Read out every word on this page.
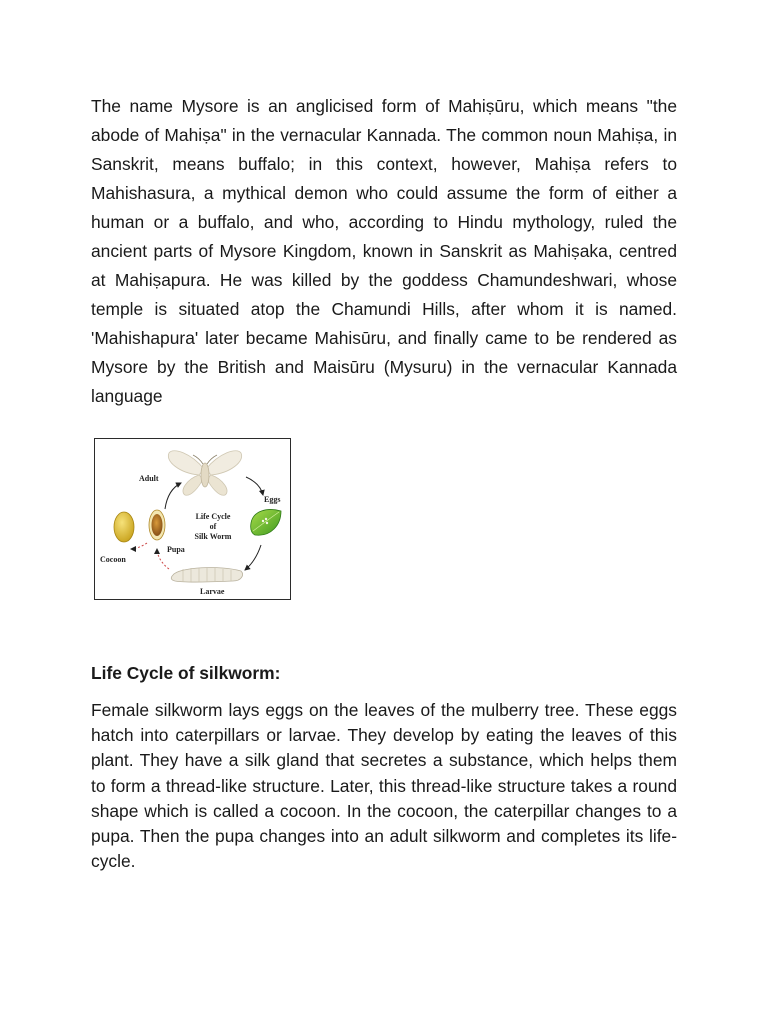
The name Mysore is an anglicised form of Mahiṣūru, which means "the abode of Mahiṣa" in the vernacular Kannada. The common noun Mahiṣa, in Sanskrit, means buffalo; in this context, however, Mahiṣa refers to Mahishasura, a mythical demon who could assume the form of either a human or a buffalo, and who, according to Hindu mythology, ruled the ancient parts of Mysore Kingdom, known in Sanskrit as Mahiṣaka, centred at Mahiṣapura. He was killed by the goddess Chamundeshwari, whose temple is situated atop the Chamundi Hills, after whom it is named. 'Mahishapura' later became Mahisūru, and finally came to be rendered as Mysore by the British and Maisūru (Mysuru) in the vernacular Kannada language

Adult
Eggs
Larvae
Pupa
Cocoon
Life Cycle
of
Silk Worm
Life Cycle of silkworm:

Female silkworm lays eggs on the leaves of the mulberry tree. These eggs hatch into caterpillars or larvae. They develop by eating the leaves of this plant. They have a silk gland that secretes a substance, which helps them to form a thread-like structure. Later, this thread-like structure takes a round shape which is called a cocoon. In the cocoon, the caterpillar changes to a pupa. Then the pupa changes into an adult silkworm and completes its life-cycle.
